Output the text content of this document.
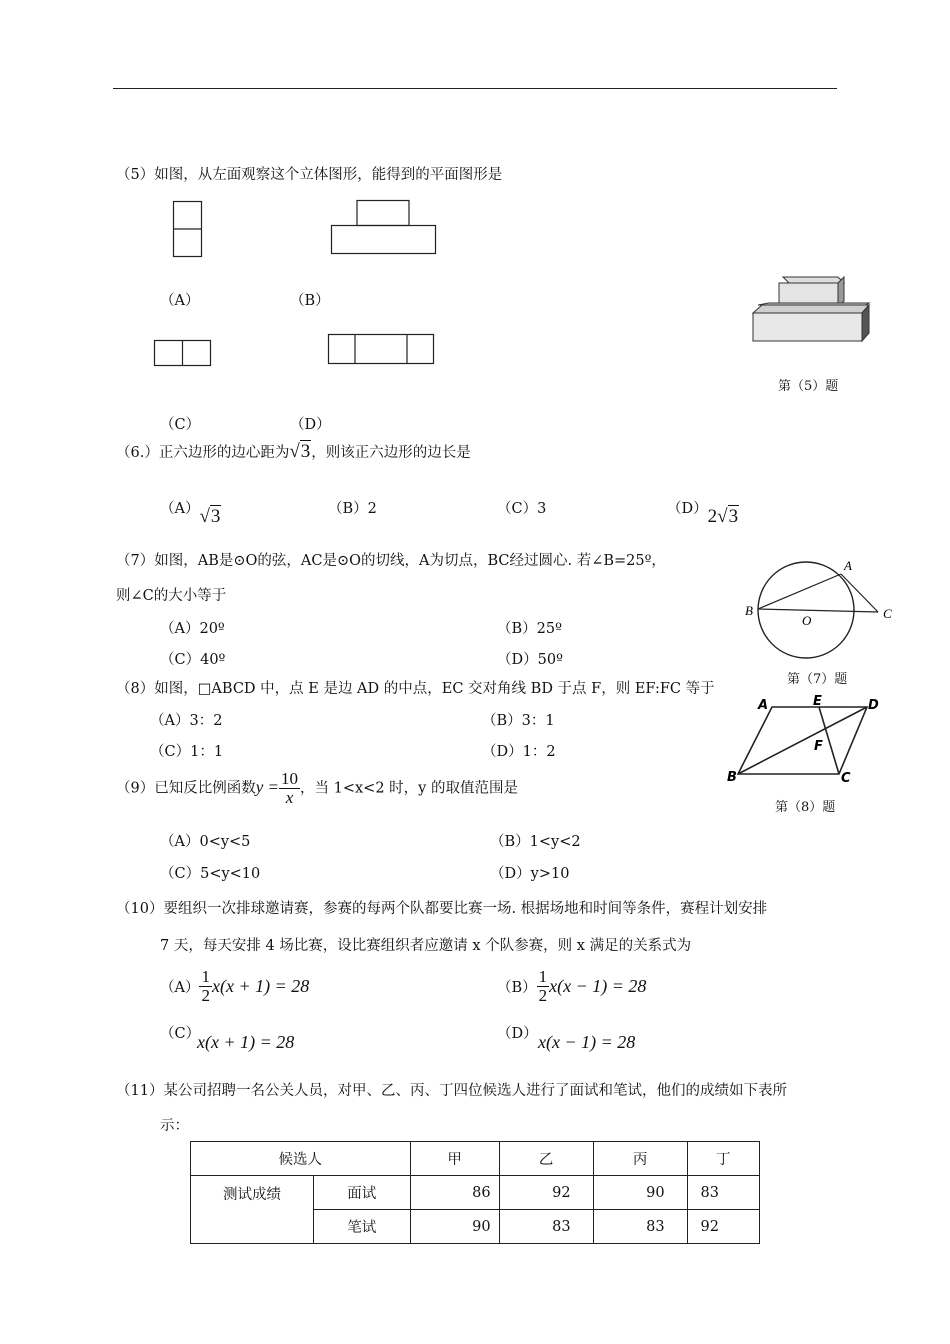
（5）如图，从左面观察这个立体图形，能得到的平面图形是
（A）	（B）
（C）	（D）
第（5）题
（6.）正六边形的边心距为√3，则该正六边形的边长是
（A）√3	（B）2	（C）3	（D）2√3
（7）如图，AB是⊙O的弦，AC是⊙O的切线，A为切点，BC经过圆心. 若∠B=25º，
则∠C的大小等于
（A）20º	（B）25º
（C）40º	（D）50º
A
B	C
O
第（7）题
（8）如图，□ABCD 中，点 E 是边 AD 的中点，EC 交对角线 BD 于点 F，则 EF:FC 等于
（A）3：2	（B）3：1
（C）1：1	（D）1：2
A	E	D
F
B	C
第（8）题
（9）已知反比例函数$y = \frac{10}{x}$ ，当 1<x<2 时，y 的取值范围是
（A）0<y<5	（B）1<y<2
（C）5<y<10	（D）y>10
（10）要组织一次排球邀请赛，参赛的每两个队都要比赛一场. 根据场地和时间等条件，赛程计划安排
7 天，每天安排 4 场比赛，设比赛组织者应邀请 x 个队参赛，则 x 满足的关系式为
$(A) \frac{1}{2} x(x + 1) = 28$	$(B) \frac{1}{2} x(x - 1) = 28$
（C）
x(x + 1) = 28	（D） x(x − 1) = 28
（11）某公司招聘一名公关人员，对甲、乙、丙、丁四位候选人进行了面试和笔试，他们的成绩如下表所
示：
候选人		甲	乙	丙	丁
测试成绩	面试	86	92	90	83
	笔试	90	83	83	92
